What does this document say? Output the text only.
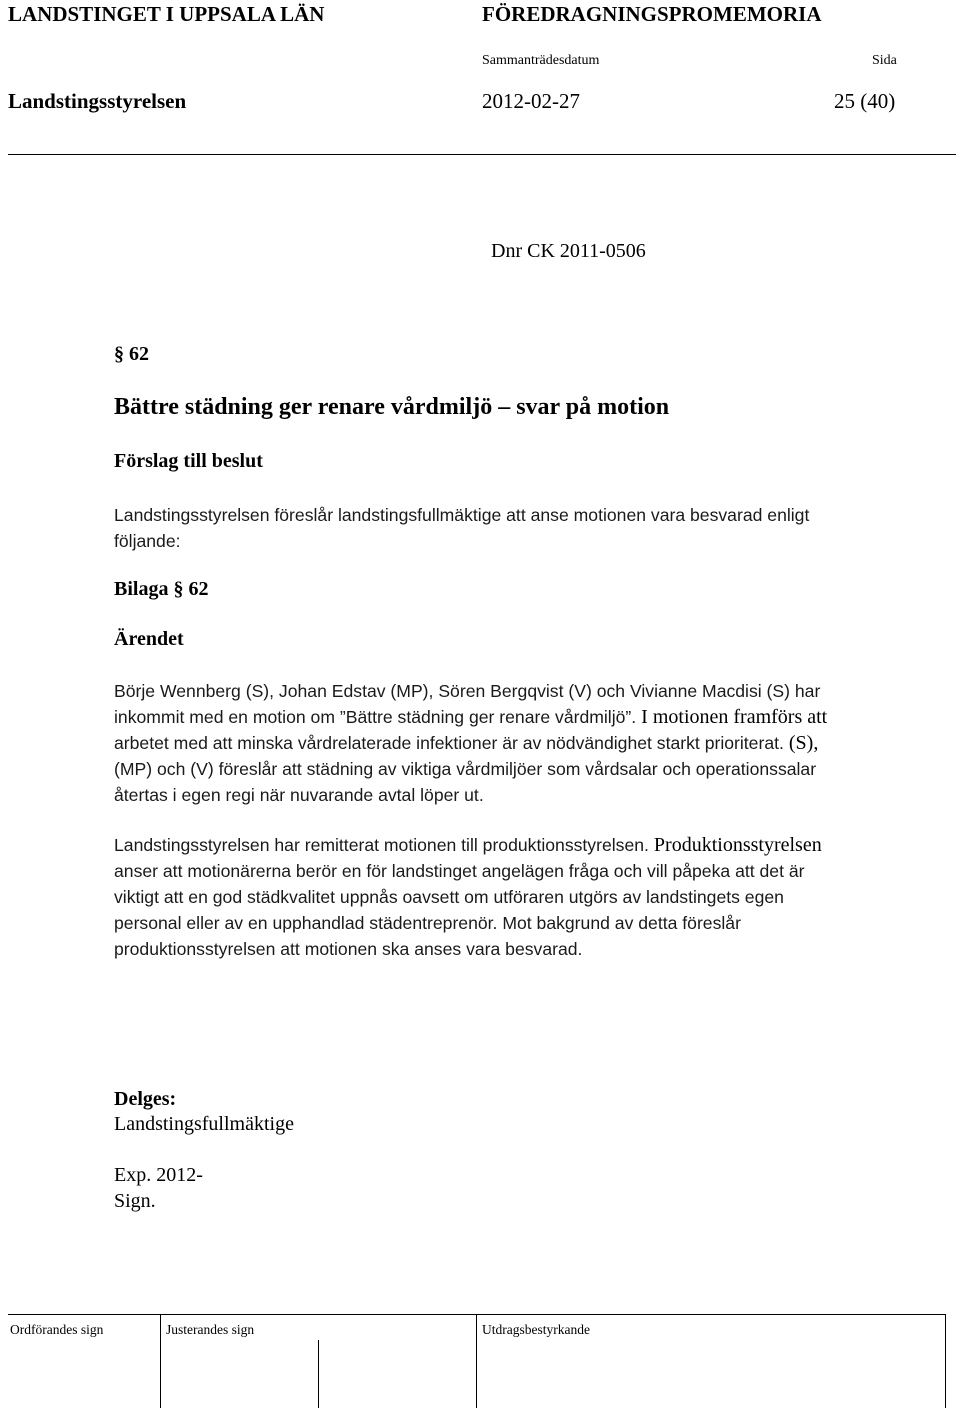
LANDSTINGET I UPPSALA LÄN	FÖREDRAGNINGSPROMEMORIA
Sammanträdesdatum	Sida
Landstingsstyrelsen	2012-02-27	25 (40)
Dnr CK 2011-0506
§ 62
Bättre städning ger renare vårdmiljö – svar på motion
Förslag till beslut
Landstingsstyrelsen föreslår landstingsfullmäktige att anse motionen vara besvarad enligt
följande:
Bilaga § 62
Ärendet
Börje Wennberg (S), Johan Edstav (MP), Sören Bergqvist (V) och Vivianne Macdisi (S) har
inkommit med en motion om ”Bättre städning ger renare vårdmiljö”. I motionen framförs att
arbetet med att minska vårdrelaterade infektioner är av nödvändighet starkt prioriterat. (S),
(MP) och (V) föreslår att städning av viktiga vårdmiljöer som vårdsalar och operationssalar
återtas i egen regi när nuvarande avtal löper ut.
Landstingsstyrelsen har remitterat motionen till produktionsstyrelsen. Produktionsstyrelsen
anser att motionärerna berör en för landstinget angelägen fråga och vill påpeka att det är
viktigt att en god städkvalitet uppnås oavsett om utföraren utgörs av landstingets egen
personal eller av en upphandlad städentreprenör. Mot bakgrund av detta föreslår
produktionsstyrelsen att motionen ska anses vara besvarad.
Delges:
Landstingsfullmäktige
Exp. 2012-
Sign.
Ordförandes sign	Justerandes sign	Utdragsbestyrkande
